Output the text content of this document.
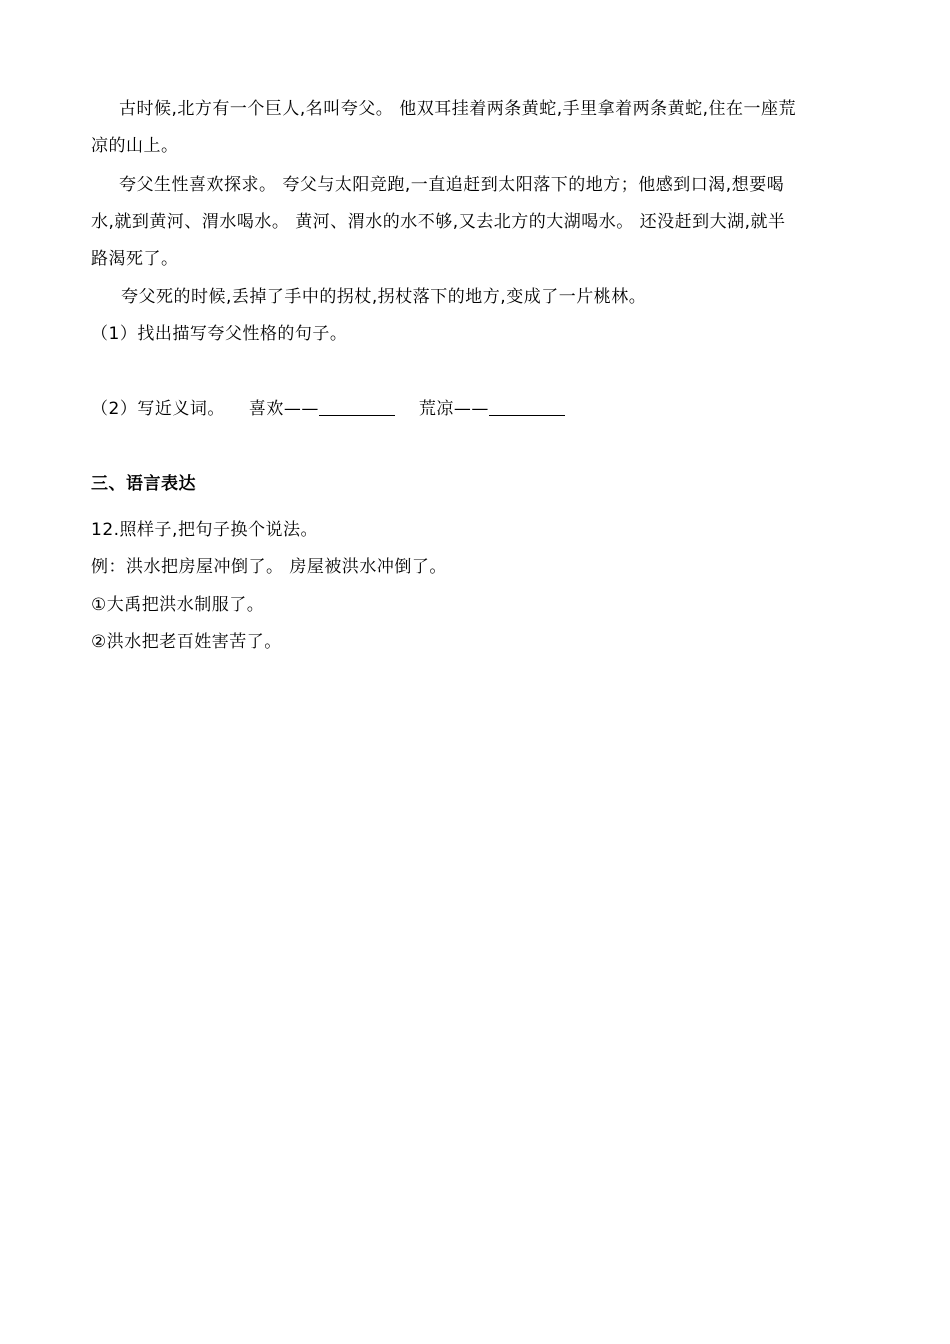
古时候,北方有一个巨人,名叫夸父。 他双耳挂着两条黄蛇,手里拿着两条黄蛇,住在一座荒
凉的山上。
夸父生性喜欢探求。 夸父与太阳竞跑,一直追赶到太阳落下的地方；他感到口渴,想要喝
水,就到黄河、渭水喝水。 黄河、渭水的水不够,又去北方的大湖喝水。 还没赶到大湖,就半
路渴死了。
夸父死的时候,丢掉了手中的拐杖,拐杖落下的地方,变成了一片桃林。
（1）找出描写夸父性格的句子。
（2）写近义词。 喜欢——	荒凉——
三、语言表达
12.照样子,把句子换个说法。
例：洪水把房屋冲倒了。 房屋被洪水冲倒了。
①大禹把洪水制服了。
②洪水把老百姓害苦了。
